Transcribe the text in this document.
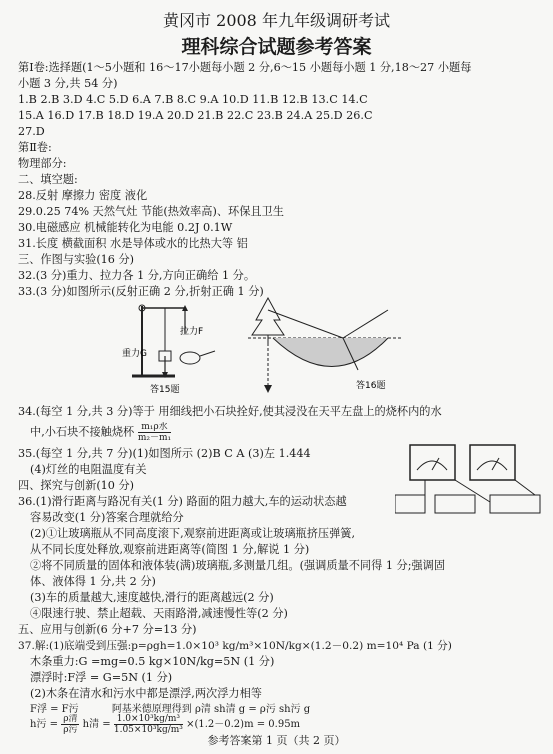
黄冈市 2008 年九年级调研考试
理科综合试题参考答案
第Ⅰ卷:选择题(1～5小题和 16～17小题每小题 2 分,6～15 小题每小题 1 分,18～27 小题每
小题 3 分,共 54 分)
1.B 2.B 3.D 4.C 5.D 6.A 7.B 8.C 9.A 10.D 11.B 12.B 13.C 14.C
15.A 16.D 17.B 18.D 19.A 20.D 21.B 22.C 23.B 24.A 25.D 26.C
27.D
第Ⅱ卷:
物理部分:
二、填空题:
28.反射 摩擦力 密度 液化
29.0.25 74% 天然气灶 节能(热效率高)、环保且卫生
30.电磁感应 机械能转化为电能 0.2J 0.1W
31.长度 横截面积 水是导体或水的比热大等 铝
三、作图与实验(16 分)
32.(3 分)重力、拉力各 1 分,方向正确给 1 分。
33.(3 分)如图所示(反射正确 2 分,折射正确 1 分)
拉力F
重力G
答15题	答16题
34.(每空 1 分,共 3 分)等于 用细线把小石块拴好,使其浸没在天平左盘上的烧杯内的水
中,小石块不接触烧杯 $\frac{\text{m₁ρ水}}{\text{m₂－m₁}}$
35.(每空 1 分,共 7 分)(1)如图所示 (2)B C A (3)左 1.444
(4)灯丝的电阻温度有关
四、探究与创新(10 分)
36.(1)滑行距离与路况有关(1 分) 路面的阻力越大,车的运动状态越
容易改变(1 分)答案合理就给分
(2)①让玻璃瓶从不同高度滚下,观察前进距离或让玻璃瓶挤压弹簧,
从不同长度处释放,观察前进距离等(简图 1 分,解说 1 分)
②将不同质量的固体和液体装(满)玻璃瓶,多测量几组。(强调质量不同得 1 分;强调固
体、液体得 1 分,共 2 分)
(3)车的质量越大,速度越快,滑行的距离越远(2 分)
④限速行驶、禁止超载、天雨路滑,减速慢性等(2 分)
五、应用与创新(6 分+7 分=13 分)
37.解:(1)底端受到压强:p=ρgh=1.0×10³ kg/m³×10N/kg×(1.2－0.2) m=10⁴ Pa (1 分)
木条重力:G =mg=0.5 kg×10N/kg=5N (1 分)
漂浮时:F浮 = G=5N (1 分)
(2)木条在清水和污水中都是漂浮,两次浮力相等
F浮 = F污	阿基米德原理得到 ρ清 sh清 g = ρ污 sh污 g
h污 = $\frac{\text{ρ清}}{\text{ρ污}}$ h清 = $\frac{\text{1.0×10³kg/m³}}{\text{1.05×10³kg/m³}} \times(1.2-0.2)m = 0.95m$
参考答案第 1 页（共 2 页）
